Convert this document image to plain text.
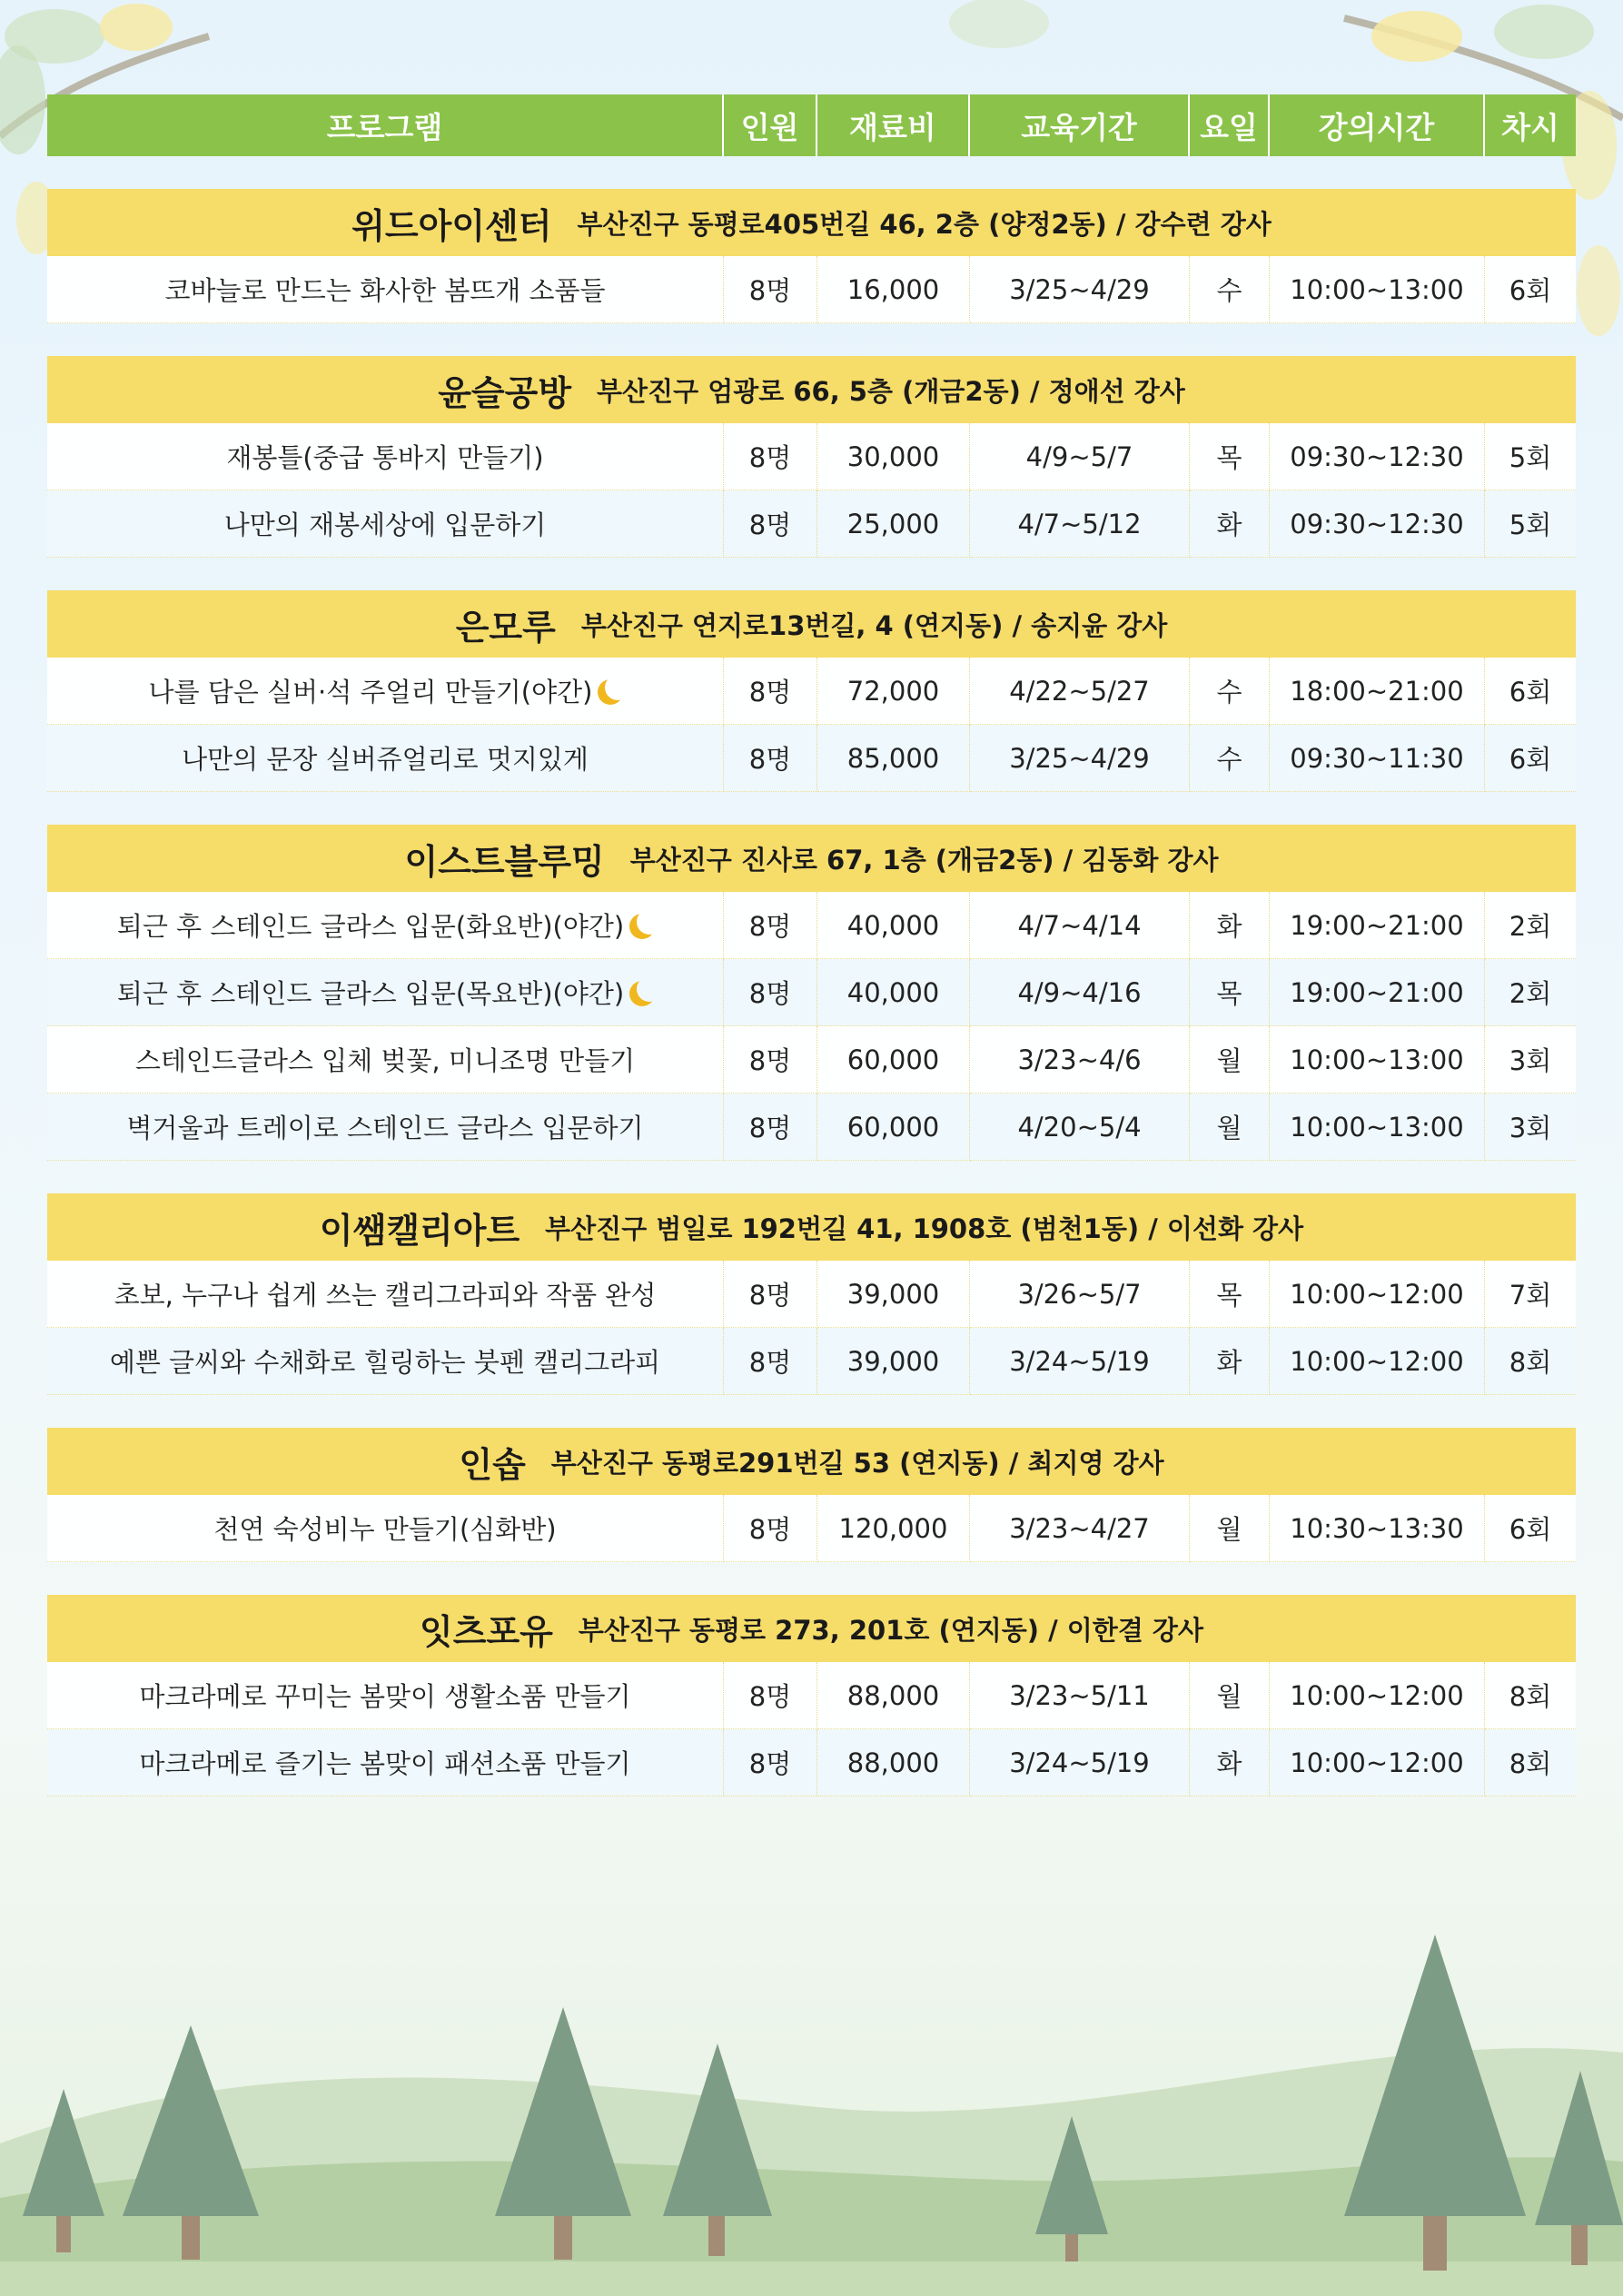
프로그램	인원	재료비	교육기간	요일	강의시간	차시
위드아이센터 부산진구 동평로405번길 46, 2층 (양정2동) / 강수련 강사
코바늘로 만드는 화사한 봄뜨개 소품들	8명 16,000	3/25~4/29	수 10:00~13:00 6회
윤슬공방 부산진구 엄광로 66, 5층 (개금2동) / 정애선 강사
재봉틀(중급 통바지 만들기)	8명 30,000	4/9~5/7	목 09:30~12:30 5회
나만의 재봉세상에 입문하기	8명 25,000	4/7~5/12	화 09:30~12:30 5회
은모루 부산진구 연지로13번길, 4 (연지동) / 송지윤 강사
나를 담은 실버·석 주얼리 만들기(야간)	8명 72,000	4/22~5/27	수 18:00~21:00 6회
나만의 문장 실버쥬얼리로 멋지있게	8명 85,000	3/25~4/29	수 09:30~11:30 6회
이스트블루밍 부산진구 진사로 67, 1층 (개금2동) / 김동화 강사
퇴근 후 스테인드 글라스 입문(화요반)(야간)	8명 40,000	4/7~4/14	화 19:00~21:00 2회
퇴근 후 스테인드 글라스 입문(목요반)(야간)	8명 40,000	4/9~4/16	목 19:00~21:00 2회
스테인드글라스 입체 벚꽃, 미니조명 만들기	8명 60,000	3/23~4/6	월 10:00~13:00 3회
벽거울과 트레이로 스테인드 글라스 입문하기	8명 60,000	4/20~5/4	월 10:00~13:00 3회
이쌤캘리아트 부산진구 범일로 192번길 41, 1908호 (범천1동) / 이선화 강사
초보, 누구나 쉽게 쓰는 캘리그라피와 작품 완성	8명 39,000	3/26~5/7	목 10:00~12:00 7회
예쁜 글씨와 수채화로 힐링하는 붓펜 캘리그라피	8명 39,000	3/24~5/19	화 10:00~12:00 8회
인솝 부산진구 동평로291번길 53 (연지동) / 최지영 강사
천연 숙성비누 만들기(심화반)	8명 120,000 3/23~4/27	월 10:30~13:30 6회
잇츠포유 부산진구 동평로 273, 201호 (연지동) / 이한결 강사
마크라메로 꾸미는 봄맞이 생활소품 만들기	8명 88,000	3/23~5/11	월 10:00~12:00 8회
마크라메로 즐기는 봄맞이 패션소품 만들기	8명 88,000	3/24~5/19	화 10:00~12:00 8회
